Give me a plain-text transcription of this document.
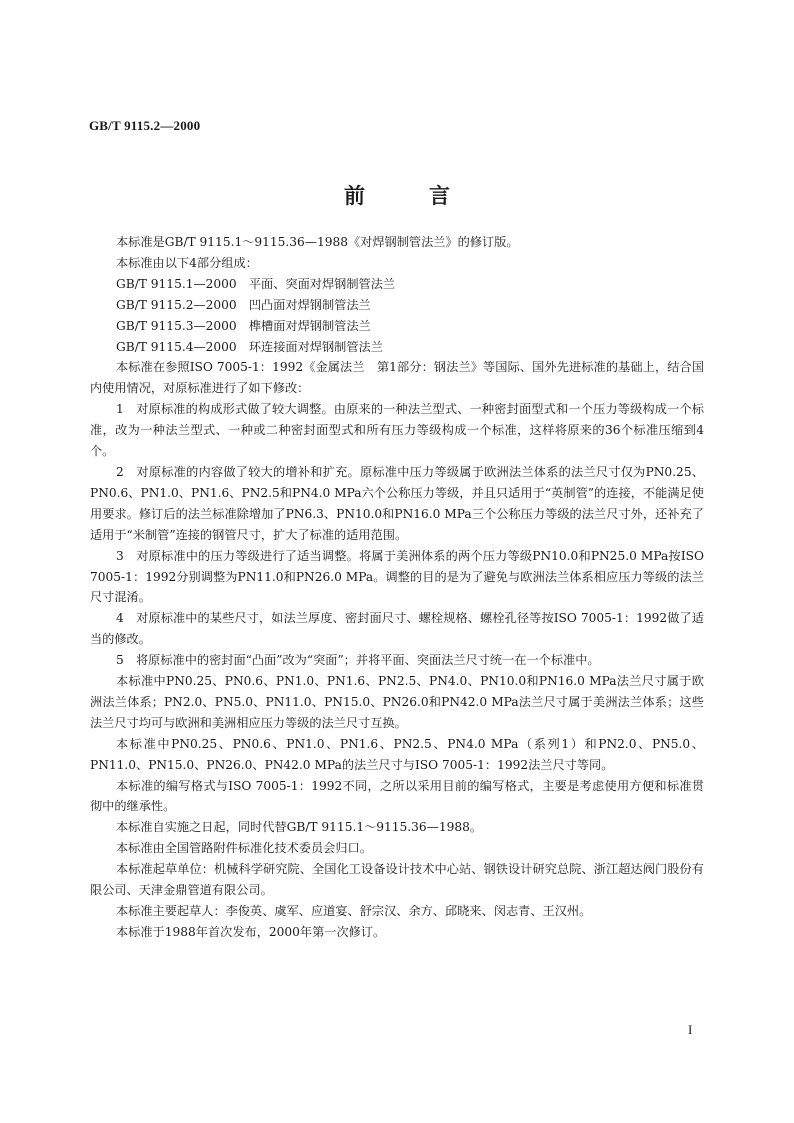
GB/T 9115.2—2000
前言

本标准是GB/T 9115.1～9115.36—1988《对焊钢制管法兰》的修订版。

本标准由以下4部分组成：

GB/T 9115.1—2000　平面、突面对焊钢制管法兰

GB/T 9115.2—2000　凹凸面对焊钢制管法兰

GB/T 9115.3—2000　榫槽面对焊钢制管法兰

GB/T 9115.4—2000　环连接面对焊钢制管法兰

本标准在参照ISO 7005-1：1992《金属法兰　第1部分：钢法兰》等国际、国外先进标准的基础上，结合国内使用情况，对原标准进行了如下修改：

1　对原标准的构成形式做了较大调整。由原来的一种法兰型式、一种密封面型式和一个压力等级构成一个标准，改为一种法兰型式、一种或二种密封面型式和所有压力等级构成一个标准，这样将原来的36个标准压缩到4个。

2　对原标准的内容做了较大的增补和扩充。原标准中压力等级属于欧洲法兰体系的法兰尺寸仅为PN0.25、PN0.6、PN1.0、PN1.6、PN2.5和PN4.0 MPa六个公称压力等级，并且只适用于“英制管”的连接，不能满足使用要求。修订后的法兰标准除增加了PN6.3、PN10.0和PN16.0 MPa三个公称压力等级的法兰尺寸外，还补充了适用于“米制管”连接的钢管尺寸，扩大了标准的适用范围。

3　对原标准中的压力等级进行了适当调整。将属于美洲体系的两个压力等级PN10.0和PN25.0 MPa按ISO 7005-1：1992分别调整为PN11.0和PN26.0 MPa。调整的目的是为了避免与欧洲法兰体系相应压力等级的法兰尺寸混淆。

4　对原标准中的某些尺寸，如法兰厚度、密封面尺寸、螺栓规格、螺栓孔径等按ISO 7005-1：1992做了适当的修改。

5　将原标准中的密封面“凸面”改为“突面”；并将平面、突面法兰尺寸统一在一个标准中。

本标准中PN0.25、PN0.6、PN1.0、PN1.6、PN2.5、PN4.0、PN10.0和PN16.0 MPa法兰尺寸属于欧洲法兰体系；PN2.0、PN5.0、PN11.0、PN15.0、PN26.0和PN42.0 MPa法兰尺寸属于美洲法兰体系；这些法兰尺寸均可与欧洲和美洲相应压力等级的法兰尺寸互换。

本标准中PN0.25、PN0.6、PN1.0、PN1.6、PN2.5、PN4.0 MPa（系列1）和PN2.0、PN5.0、PN11.0、PN15.0、PN26.0、PN42.0 MPa的法兰尺寸与ISO 7005-1：1992法兰尺寸等同。

本标准的编写格式与ISO 7005-1：1992不同，之所以采用目前的编写格式，主要是考虑使用方便和标准贯彻中的继承性。

本标准自实施之日起，同时代替GB/T 9115.1～9115.36—1988。

本标准由全国管路附件标准化技术委员会归口。

本标准起草单位：机械科学研究院、全国化工设备设计技术中心站、钢铁设计研究总院、浙江超达阀门股份有限公司、天津金鼎管道有限公司。

本标准主要起草人：李俊英、虞军、应道宴、舒宗汉、余方、邱晓来、闵志青、王汉州。

本标准于1988年首次发布，2000年第一次修订。

I
